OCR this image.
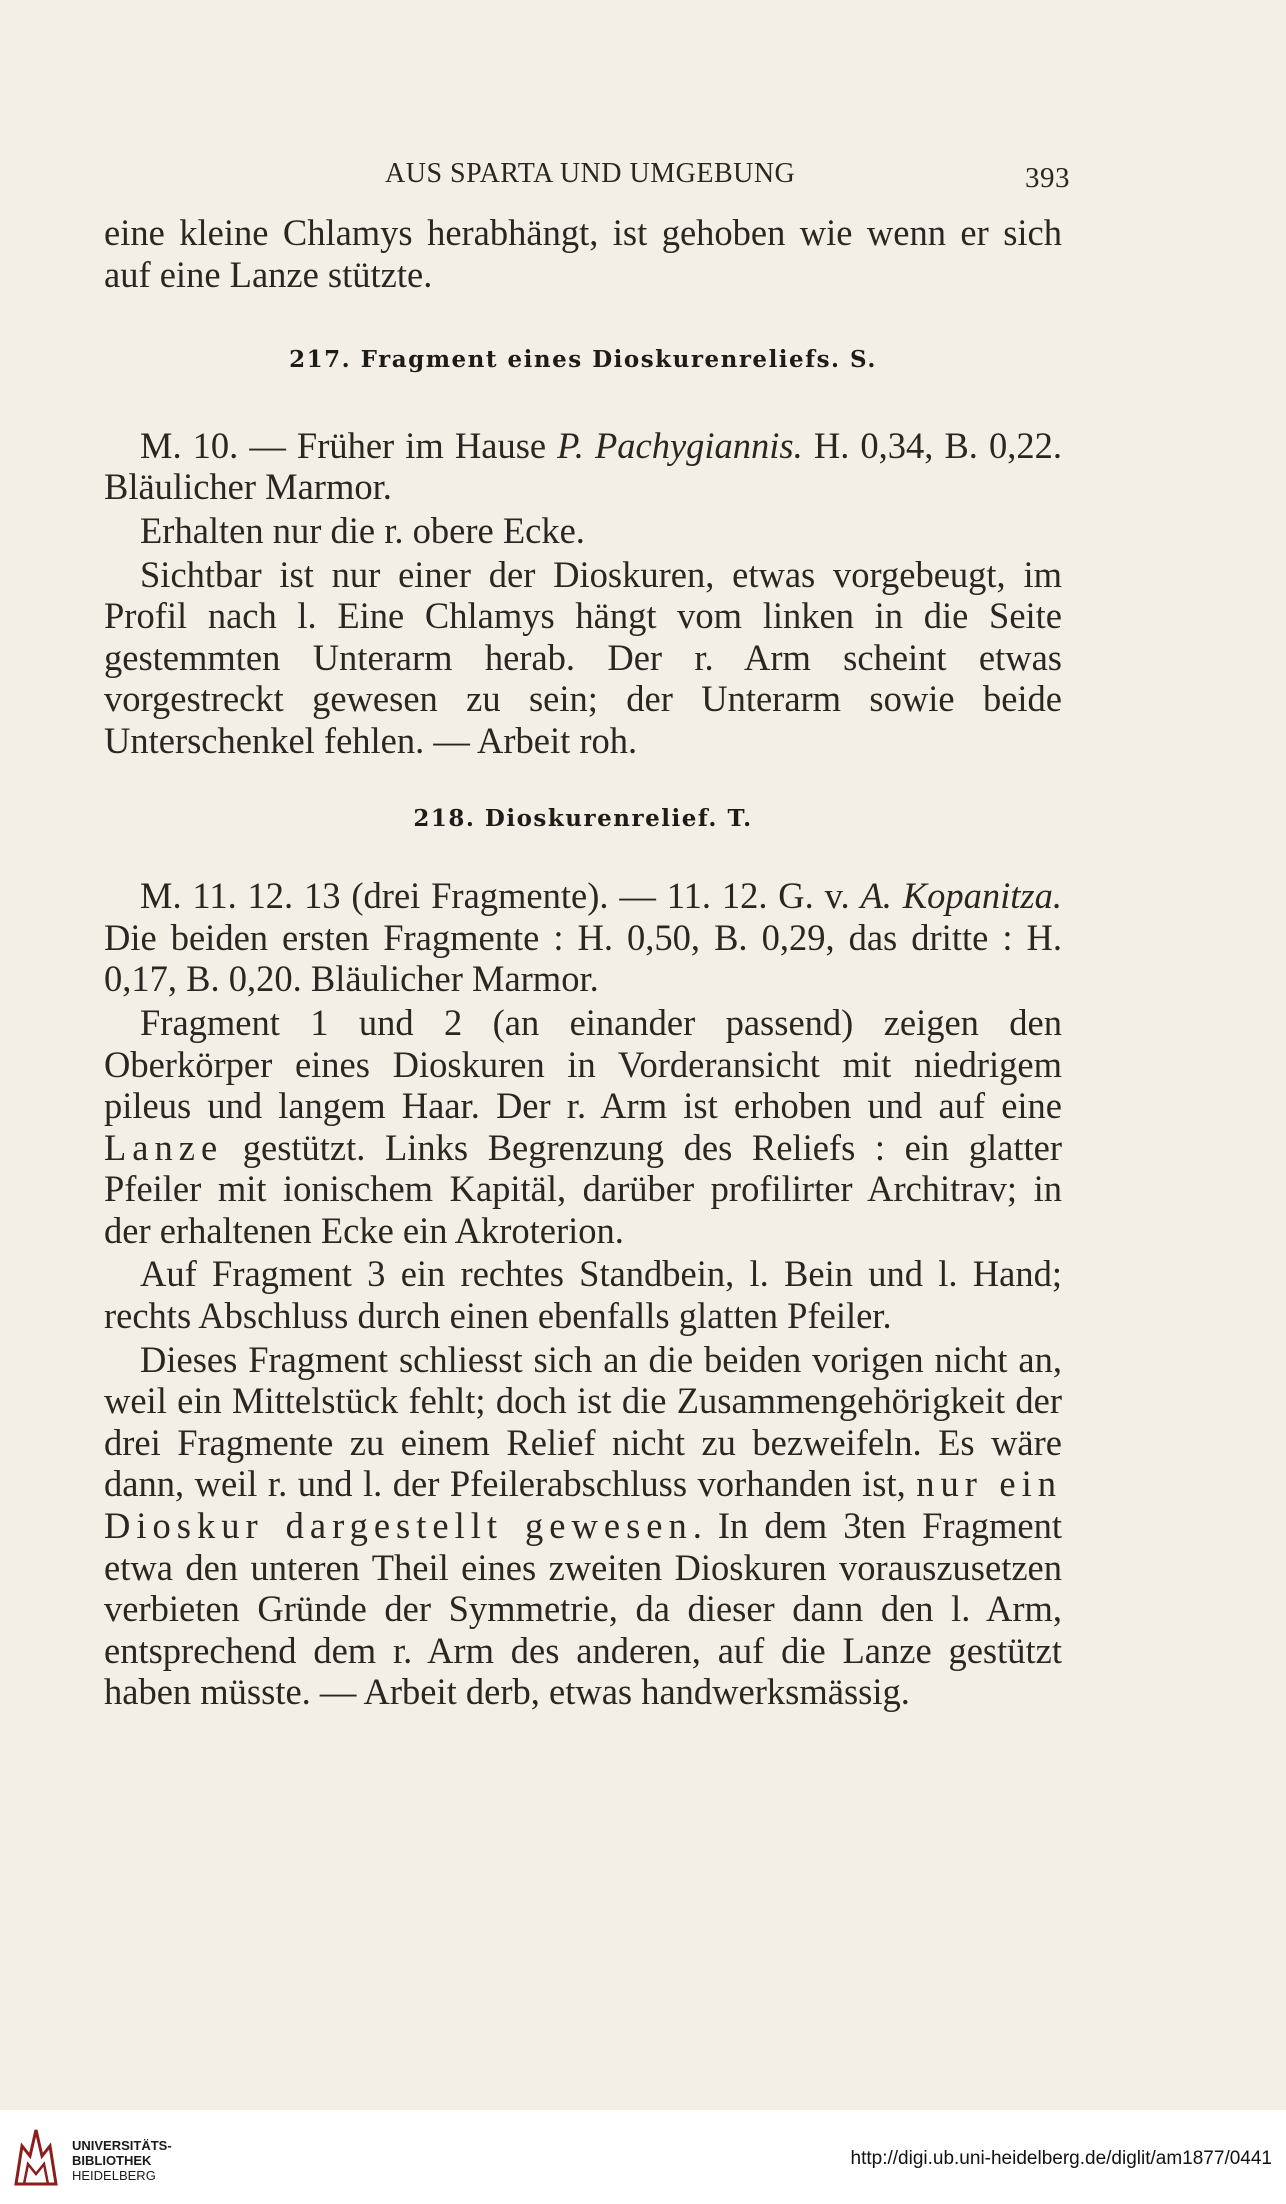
AUS SPARTA UND UMGEBUNG	393

eine kleine Chlamys herabhängt, ist gehoben wie wenn er sich auf eine Lanze stützte.

217. Fragment eines Dioskurenreliefs. S.

M. 10. — Früher im Hause P. Pachygiannis. H. 0,34, B. 0,22. Bläulicher Marmor.

Erhalten nur die r. obere Ecke.

Sichtbar ist nur einer der Dioskuren, etwas vorgebeugt, im Profil nach l. Eine Chlamys hängt vom linken in die Seite gestemmten Unterarm herab. Der r. Arm scheint etwas vorgestreckt gewesen zu sein; der Unterarm sowie beide Unterschenkel fehlen. — Arbeit roh.

218. Dioskurenrelief. T.

M. 11. 12. 13 (drei Fragmente). — 11. 12. G. v. A. Kopanitza. Die beiden ersten Fragmente : H. 0,50, B. 0,29, das dritte : H. 0,17, B. 0,20. Bläulicher Marmor.

Fragment 1 und 2 (an einander passend) zeigen den Oberkörper eines Dioskuren in Vorderansicht mit niedrigem pileus und langem Haar. Der r. Arm ist erhoben und auf eine Lanze gestützt. Links Begrenzung des Reliefs : ein glatter Pfeiler mit ionischem Kapitäl, darüber profilirter Architrav; in der erhaltenen Ecke ein Akroterion.

Auf Fragment 3 ein rechtes Standbein, l. Bein und l. Hand; rechts Abschluss durch einen ebenfalls glatten Pfeiler.

Dieses Fragment schliesst sich an die beiden vorigen nicht an, weil ein Mittelstück fehlt; doch ist die Zusammengehörigkeit der drei Fragmente zu einem Relief nicht zu bezweifeln. Es wäre dann, weil r. und l. der Pfeilerabschluss vorhanden ist, nur ein Dioskur dargestellt gewesen. In dem 3ten Fragment etwa den unteren Theil eines zweiten Dioskuren vorauszusetzen verbieten Gründe der Symmetrie, da dieser dann den l. Arm, entsprechend dem r. Arm des anderen, auf die Lanze gestützt haben müsste. — Arbeit derb, etwas handwerksmässig.

UNIVERSITÄTS-
BIBLIOTHEK
HEIDELBERG
http://digi.ub.uni-heidelberg.de/diglit/am1877/0441
